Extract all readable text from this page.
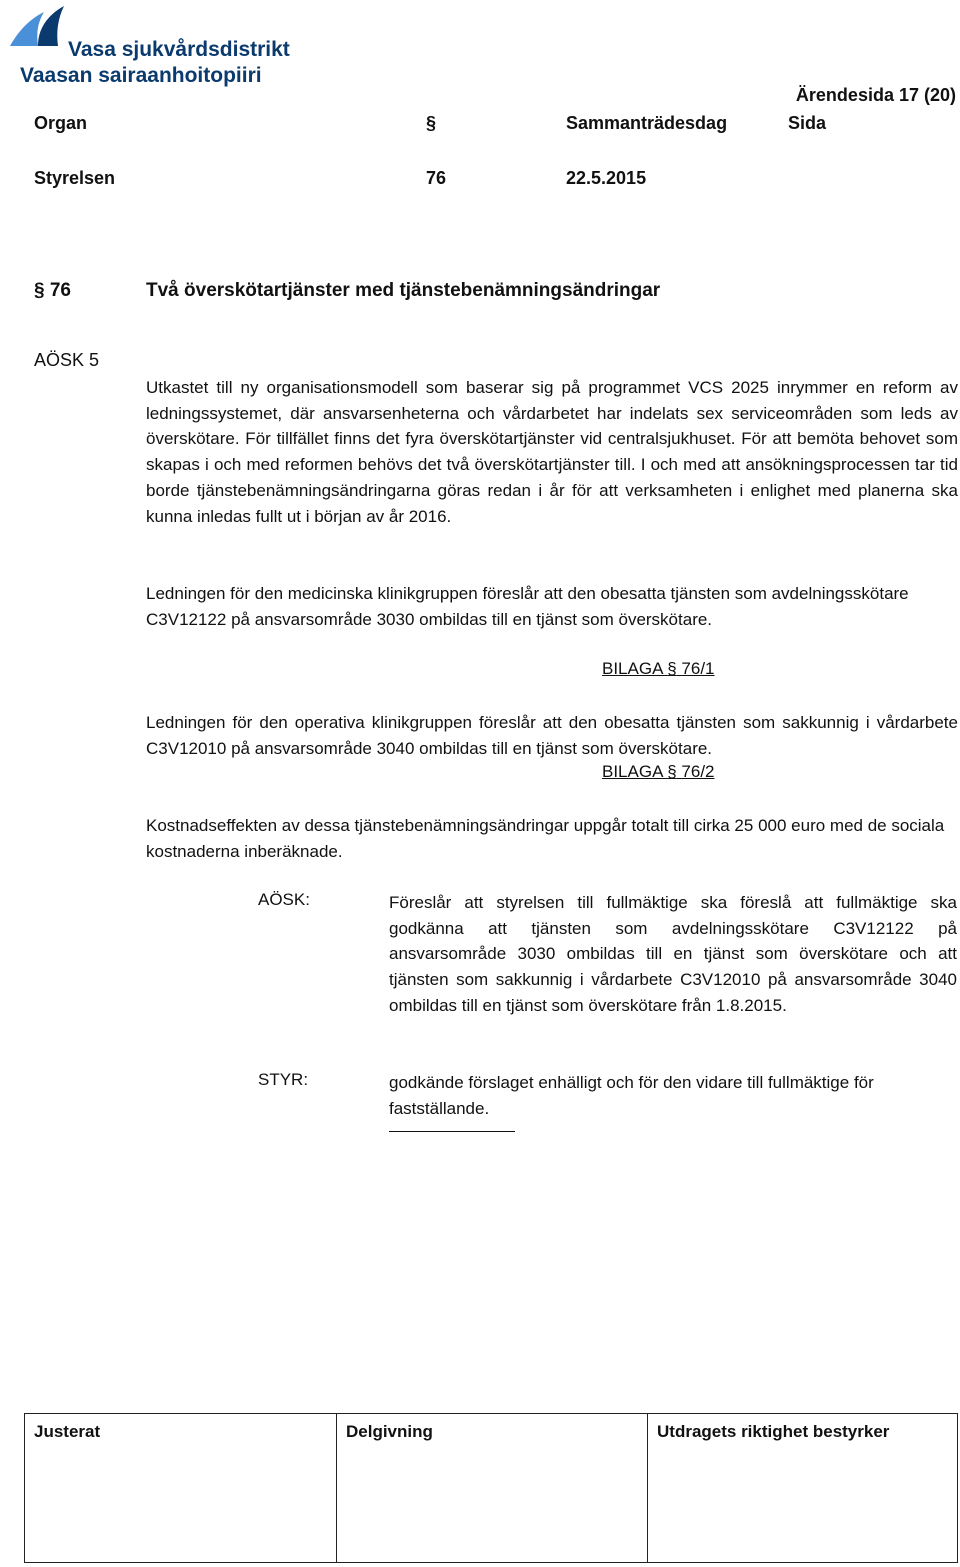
Vasa sjukvårdsdistrikt
Vaasan sairaanhoitopiiri
Ärendesida 17 (20)
Organ	§	Sammanträdesdag	Sida
Styrelsen	76	22.5.2015
§ 76	Två överskötartjänster med tjänstebenämningsändringar
AÖSK 5
Utkastet till ny organisationsmodell som baserar sig på programmet VCS 2025 inrymmer en reform av ledningssystemet, där ansvarsenheterna och vårdarbetet har indelats sex serviceområden som leds av överskötare. För tillfället finns det fyra överskötartjänster vid centralsjukhuset. För att bemöta behovet som skapas i och med reformen behövs det två överskötartjänster till. I och med att ansökningsprocessen tar tid borde tjänstebenämningsändringarna göras redan i år för att verksamheten i enlighet med planerna ska kunna inledas fullt ut i början av år 2016.
Ledningen för den medicinska klinikgruppen föreslår att den obesatta tjänsten som avdelningsskötare
C3V12122 på ansvarsområde 3030 ombildas till en tjänst som överskötare.
BILAGA § 76/1
Ledningen för den operativa klinikgruppen föreslår att den obesatta tjänsten som sakkunnig i vårdarbete C3V12010 på ansvarsområde 3040 ombildas till en tjänst som överskötare.
BILAGA § 76/2
Kostnadseffekten av dessa tjänstebenämningsändringar uppgår totalt till cirka 25 000 euro med de sociala kostnaderna inberäknade.
AÖSK:	Föreslår att styrelsen till fullmäktige ska föreslå att fullmäktige ska godkänna att tjänsten som avdelningsskötare C3V12122 på ansvarsområde 3030 ombildas till en tjänst som överskötare och att tjänsten som sakkunnig i vårdarbete C3V12010 på ansvarsområde 3040 ombildas till en tjänst som överskötare från 1.8.2015.
STYR:	godkände förslaget enhälligt och för den vidare till fullmäktige för fastställande.
Justerat	Delgivning	Utdragets riktighet bestyrker
